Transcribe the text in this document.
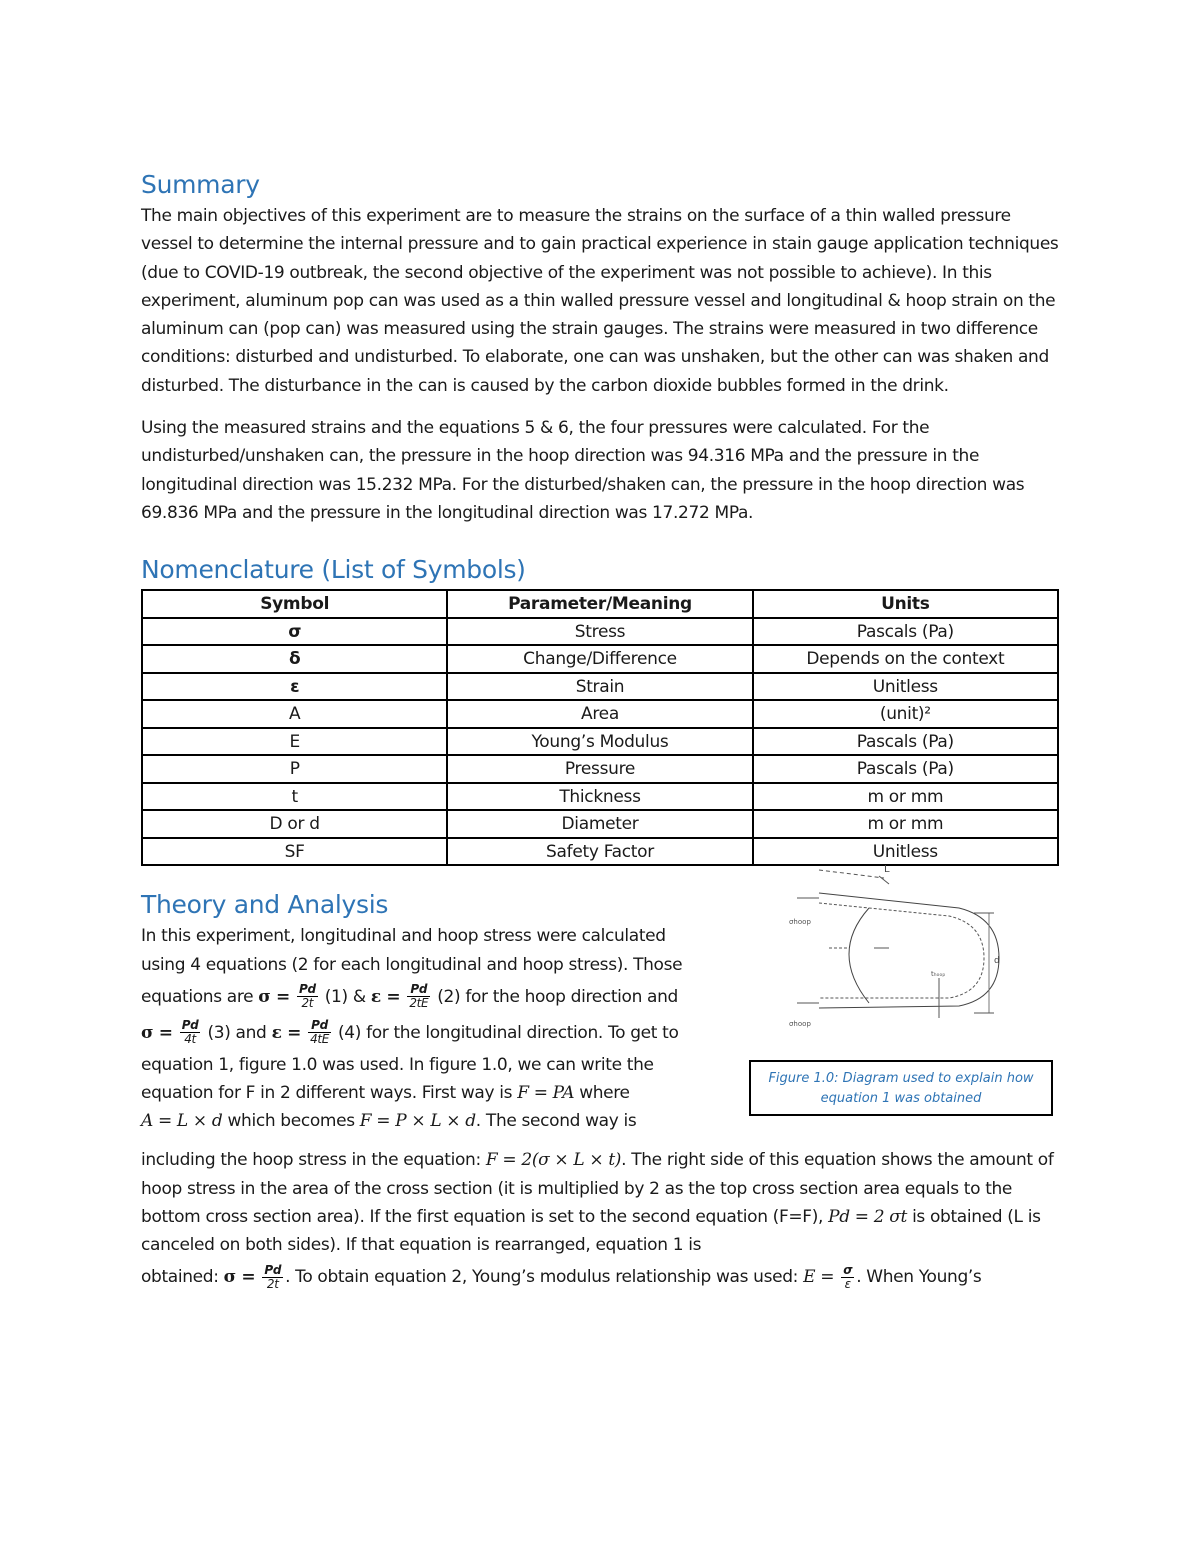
Summary

The main objectives of this experiment are to measure the strains on the surface of a thin walled pressure vessel to determine the internal pressure and to gain practical experience in stain gauge application techniques (due to COVID-19 outbreak, the second objective of the experiment was not possible to achieve). In this experiment, aluminum pop can was used as a thin walled pressure vessel and longitudinal & hoop strain on the aluminum can (pop can) was measured using the strain gauges. The strains were measured in two difference conditions: disturbed and undisturbed. To elaborate, one can was unshaken, but the other can was shaken and disturbed. The disturbance in the can is caused by the carbon dioxide bubbles formed in the drink.

Using the measured strains and the equations 5 & 6, the four pressures were calculated. For the undisturbed/unshaken can, the pressure in the hoop direction was 94.316 MPa and the pressure in the longitudinal direction was 15.232 MPa. For the disturbed/shaken can, the pressure in the hoop direction was 69.836 MPa and the pressure in the longitudinal direction was 17.272 MPa.

Nomenclature (List of Symbols)
Symbol	Parameter/Meaning	Units
σ	Stress	Pascals (Pa)
δ	Change/Difference	Depends on the context
ε	Strain	Unitless
A	Area	(unit)²
E	Young’s Modulus	Pascals (Pa)
P	Pressure	Pascals (Pa)
t	Thickness	m or mm
D or d	Diameter	m or mm
SF	Safety Factor	Unitless
Theory and Analysis

In this experiment, longitudinal and hoop stress were calculated

using 4 equations (2 for each longitudinal and hoop stress). Those

equations are $\sigma = \frac{Pd}{2t} (1)$ & $\varepsilon = \frac{Pd}{2tE} (2)$ for the hoop direction and

$\sigma = \frac{Pd}{4t} (3)$ and $\varepsilon = \frac{Pd}{4tE} (4)$ for the longitudinal direction. To get to

equation 1, figure 1.0 was used. In figure 1.0, we can write the

equation for F in 2 different ways. First way is F = PA where

A = L × d which becomes F = P × L × d. The second way is

L
d
σhoop
tₕₒₒₚ
σhoop
Figure 1.0: Diagram used to explain how
equation 1 was obtained

including the hoop stress in the equation: F = 2(σ × L × t). The right side of this equation shows the amount of hoop stress in the area of the cross section (it is multiplied by 2 as the top cross section area equals to the bottom cross section area). If the first equation is set to the second equation (F=F), Pd = 2 σt is obtained (L is canceled on both sides). If that equation is rearranged, equation 1 is

obtained: $\sigma = \frac{Pd}{2t}$ . To obtain equation 2, Young’s modulus relationship was used: $E = \frac{\sigma}{\varepsilon}$ . When Young’s
